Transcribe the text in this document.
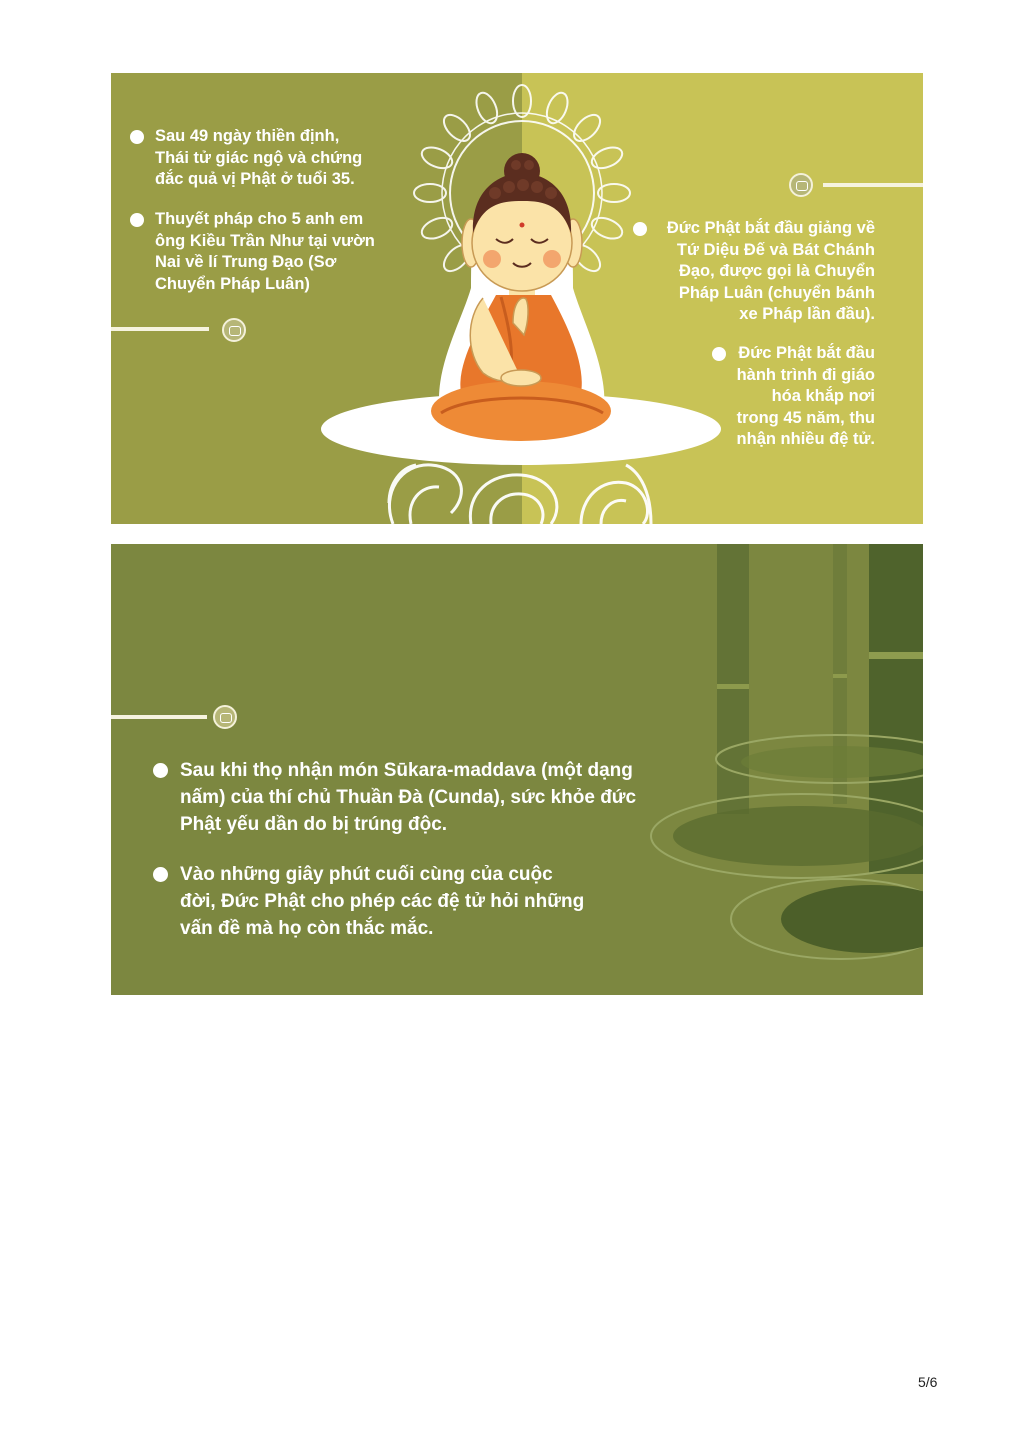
Sau 49 ngày thiền định,
Thái tử giác ngộ và chứng
đắc quả vị Phật ở tuổi 35.

Thuyết pháp cho 5 anh em
ông Kiều Trần Như tại vườn
Nai về lí Trung Đạo (Sơ
Chuyển Pháp Luân)

Đức Phật bắt đầu giảng về
Tứ Diệu Đế và Bát Chánh
Đạo, được gọi là Chuyển
Pháp Luân (chuyển bánh
xe Pháp lần đầu).

Đức Phật bắt đầu
hành trình đi giáo
hóa khắp nơi
trong 45 năm, thu
nhận nhiều đệ tử.

Sau khi thọ nhận món Sūkara-maddava (một dạng
nấm) của thí chủ Thuần Đà (Cunda), sức khỏe đức
Phật yếu dần do bị trúng độc.

Vào những giây phút cuối cùng của cuộc
đời, Đức Phật cho phép các đệ tử hỏi những
vấn đề mà họ còn thắc mắc.

5/6
